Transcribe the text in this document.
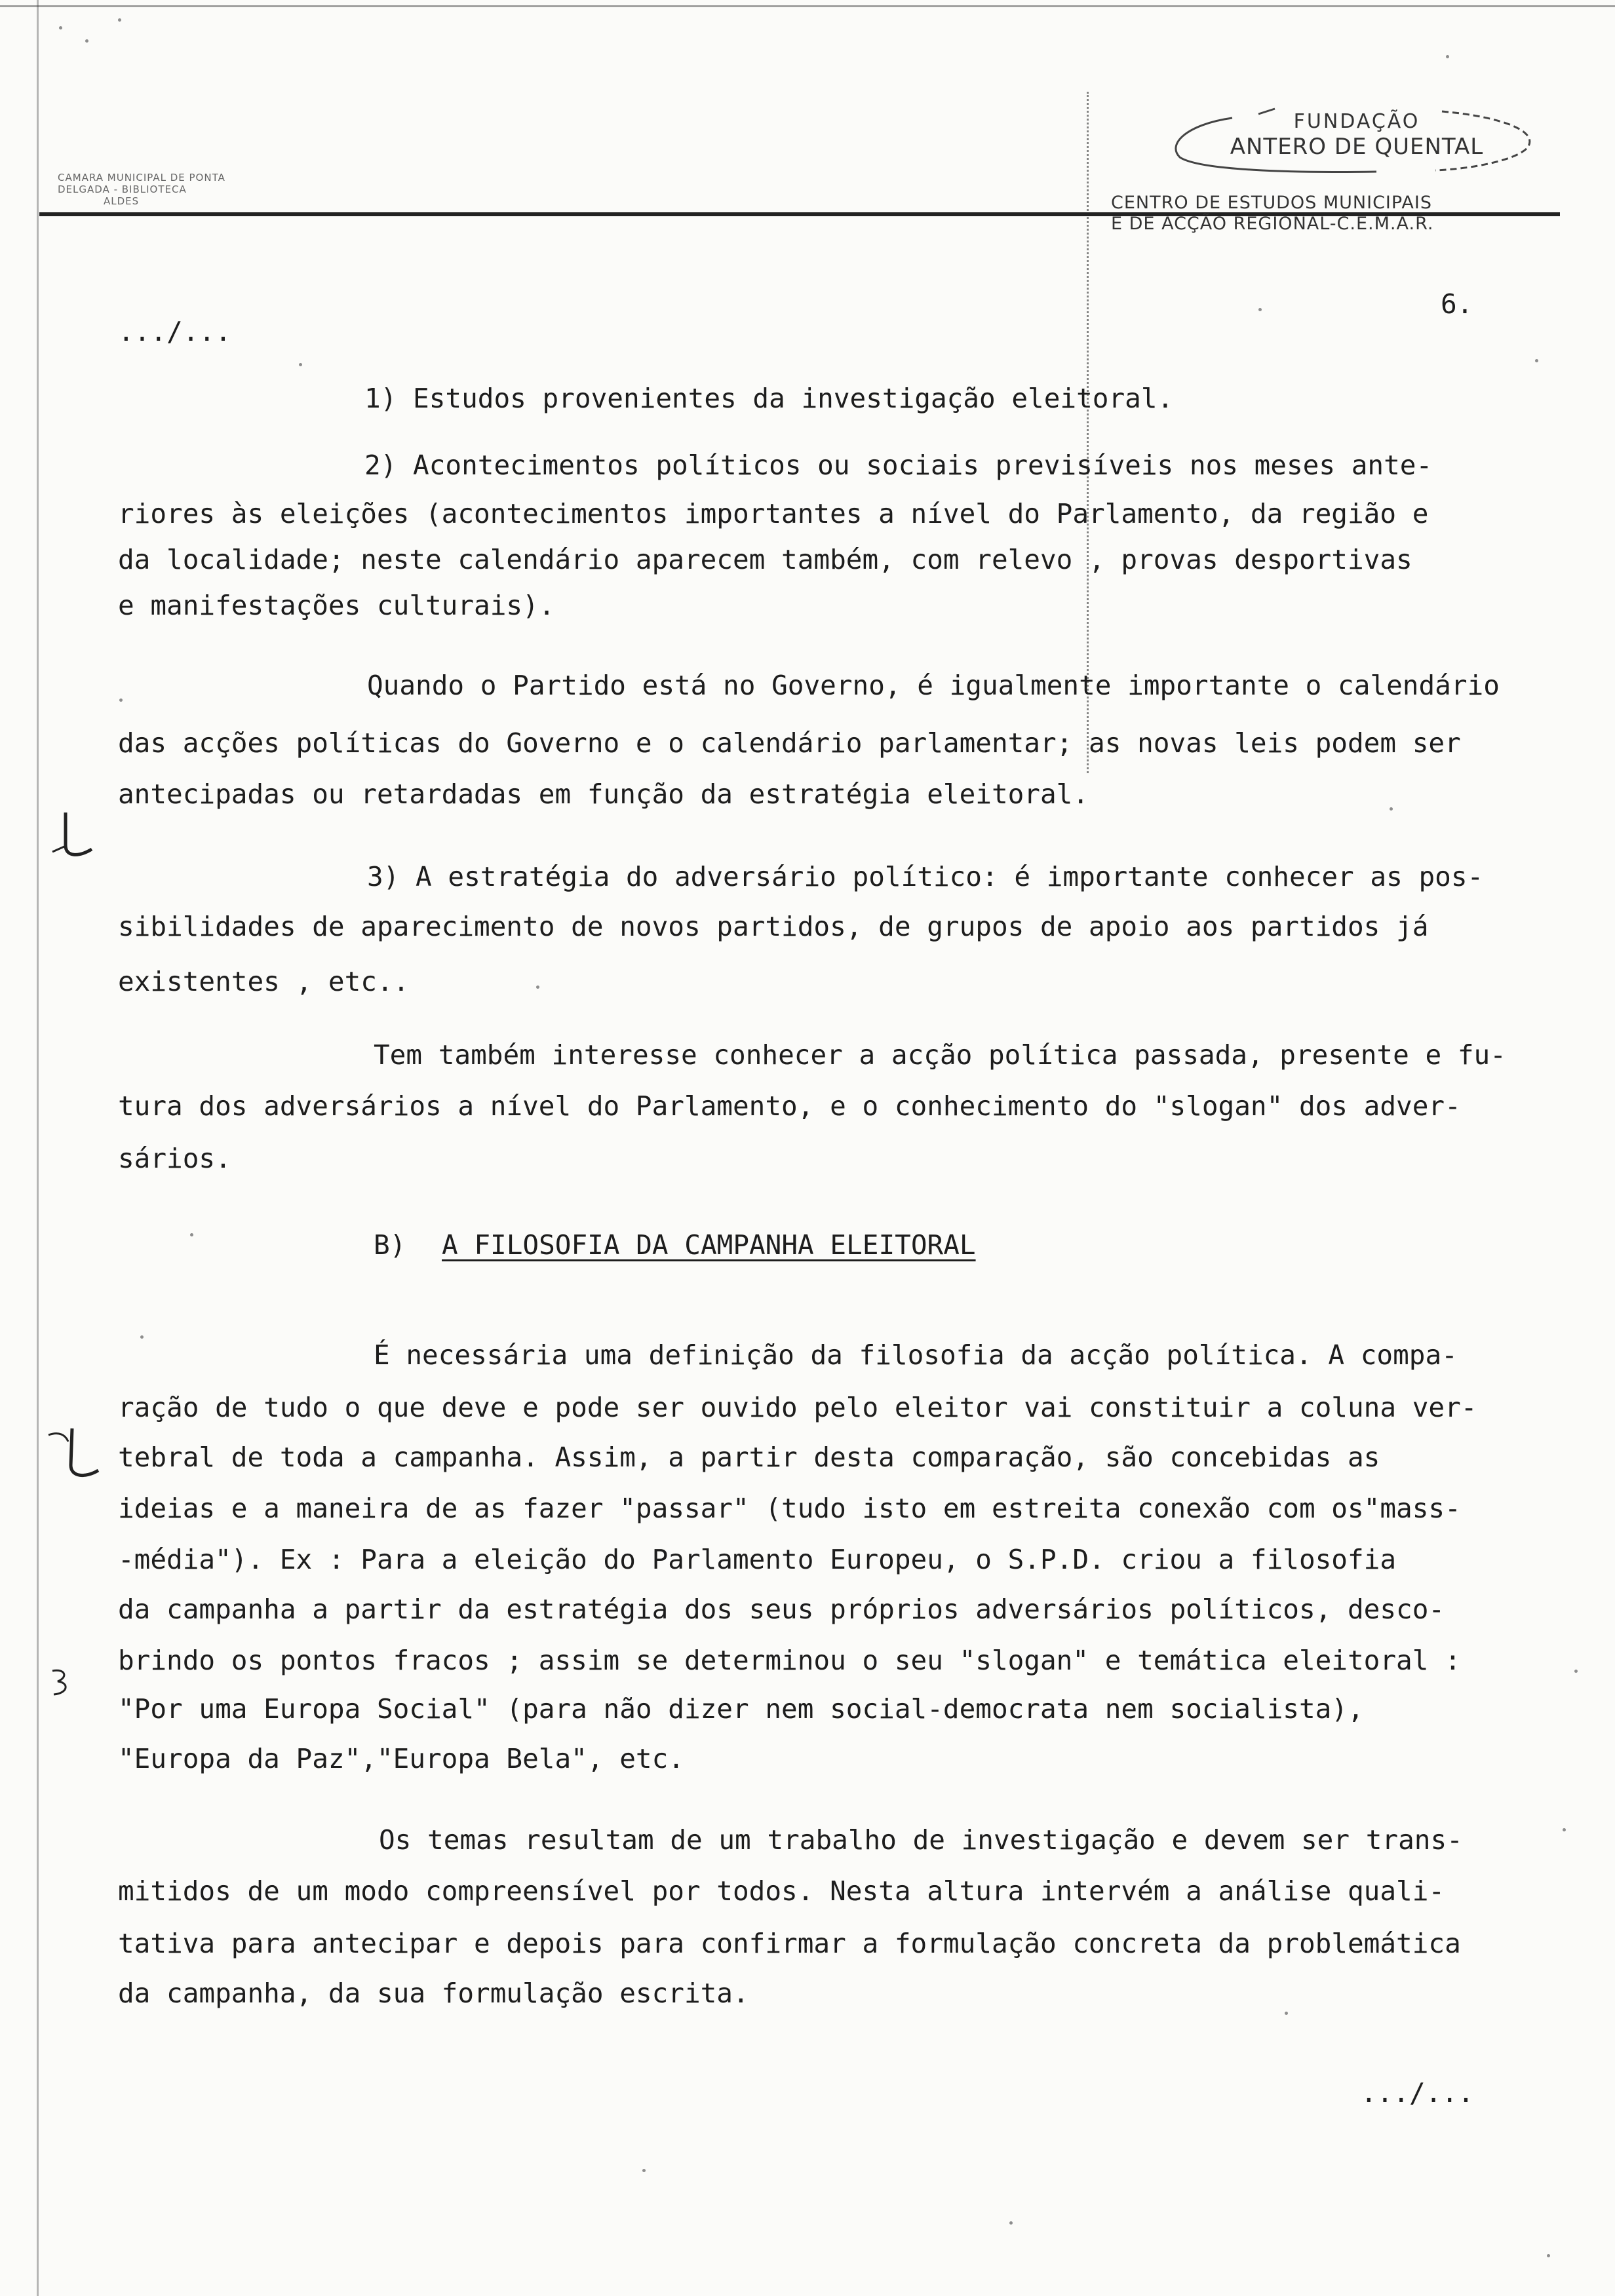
CAMARA MUNICIPAL DE PONTA
DELGADA - BIBLIOTECA
ALDES
FUNDAÇÃO
ANTERO DE QUENTAL
CENTRO DE ESTUDOS MUNICIPAIS
E DE ACÇÃO REGIONAL-C.E.M.A.R.
6.
.../...
1) Estudos provenientes da investigação eleitoral.
2) Acontecimentos políticos ou sociais previsíveis nos meses ante-
riores às eleições (acontecimentos importantes a nível do Parlamento, da região e
da localidade; neste calendário aparecem também, com relevo , provas desportivas
e manifestações culturais).
Quando o Partido está no Governo, é igualmente importante o calendário
das acções políticas do Governo e o calendário parlamentar; as novas leis podem ser
antecipadas ou retardadas em função da estratégia eleitoral.
3) A estratégia do adversário político: é importante conhecer as pos-
sibilidades de aparecimento de novos partidos, de grupos de apoio aos partidos já
existentes , etc..
Tem também interesse conhecer a acção política passada, presente e fu-
tura dos adversários a nível do Parlamento, e o conhecimento do "slogan" dos adver-
sários.
B) A FILOSOFIA DA CAMPANHA ELEITORAL
É necessária uma definição da filosofia da acção política. A compa-
ração de tudo o que deve e pode ser ouvido pelo eleitor vai constituir a coluna ver-
tebral de toda a campanha. Assim, a partir desta comparação, são concebidas as
ideias e a maneira de as fazer "passar" (tudo isto em estreita conexão com os"mass-
-média"). Ex : Para a eleição do Parlamento Europeu, o S.P.D. criou a filosofia
da campanha a partir da estratégia dos seus próprios adversários políticos, desco-
brindo os pontos fracos ; assim se determinou o seu "slogan" e temática eleitoral :
"Por uma Europa Social" (para não dizer nem social-democrata nem socialista),
"Europa da Paz","Europa Bela", etc.
Os temas resultam de um trabalho de investigação e devem ser trans-
mitidos de um modo compreensível por todos. Nesta altura intervém a análise quali-
tativa para antecipar e depois para confirmar a formulação concreta da problemática
da campanha, da sua formulação escrita.
.../...
